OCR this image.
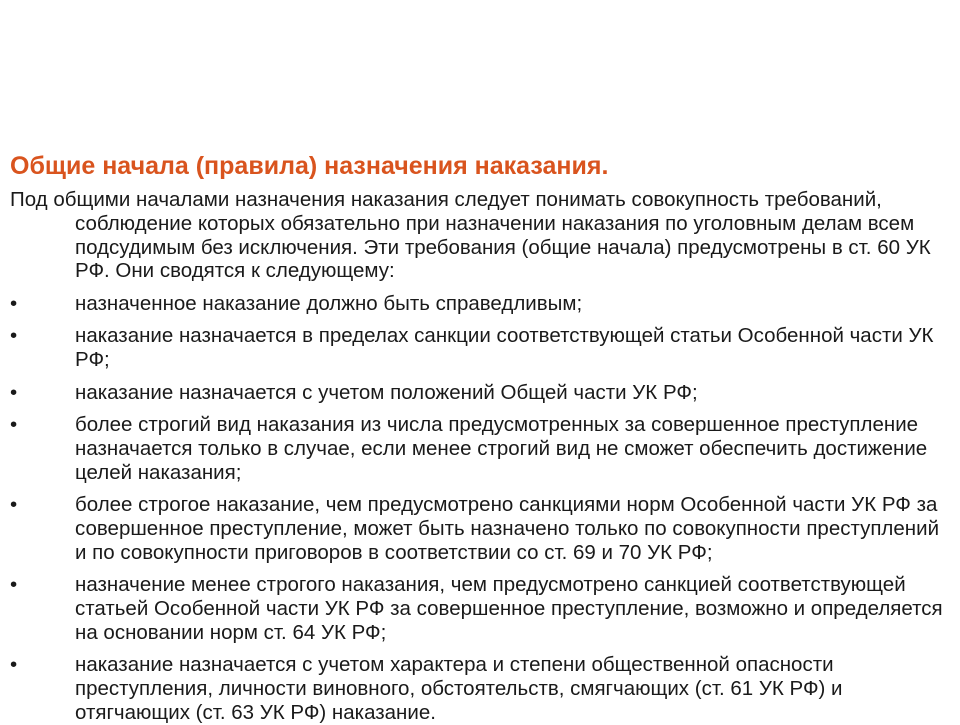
Общие начала (правила) назначения наказания.

Под общими началами назначения наказания следует понимать совокупность требований, соблюдение которых обязательно при назначении наказания по уголовным делам всем подсудимым без исключения. Эти требования (общие начала) предусмотрены в ст. 60 УК РФ. Они сводятся к следующему:

•	назначенное наказание должно быть справедливым;
•	наказание назначается в пределах санкции соответствующей статьи Особенной части УК РФ;
•	наказание назначается с учетом положений Общей части УК РФ;
•	более строгий вид наказания из числа предусмотренных за совершенное преступление назначается только в случае, если менее строгий вид не сможет обеспечить достижение целей наказания;
•	более строгое наказание, чем предусмотрено санкциями норм Особенной части УК РФ за совершенное преступление, может быть назначено только по совокупности преступлений и по совокупности приговоров в соответствии со ст. 69 и 70 УК РФ;
•	назначение менее строгого наказания, чем предусмотрено санкцией соответствующей статьей Особенной части УК РФ за совершенное преступление, возможно и определяется на основании норм ст. 64 УК РФ;
•	наказание назначается с учетом характера и степени общественной опасности преступления, личности виновного, обстоятельств, смягчающих (ст. 61 УК РФ) и отягчающих (ст. 63 УК РФ) наказание.
